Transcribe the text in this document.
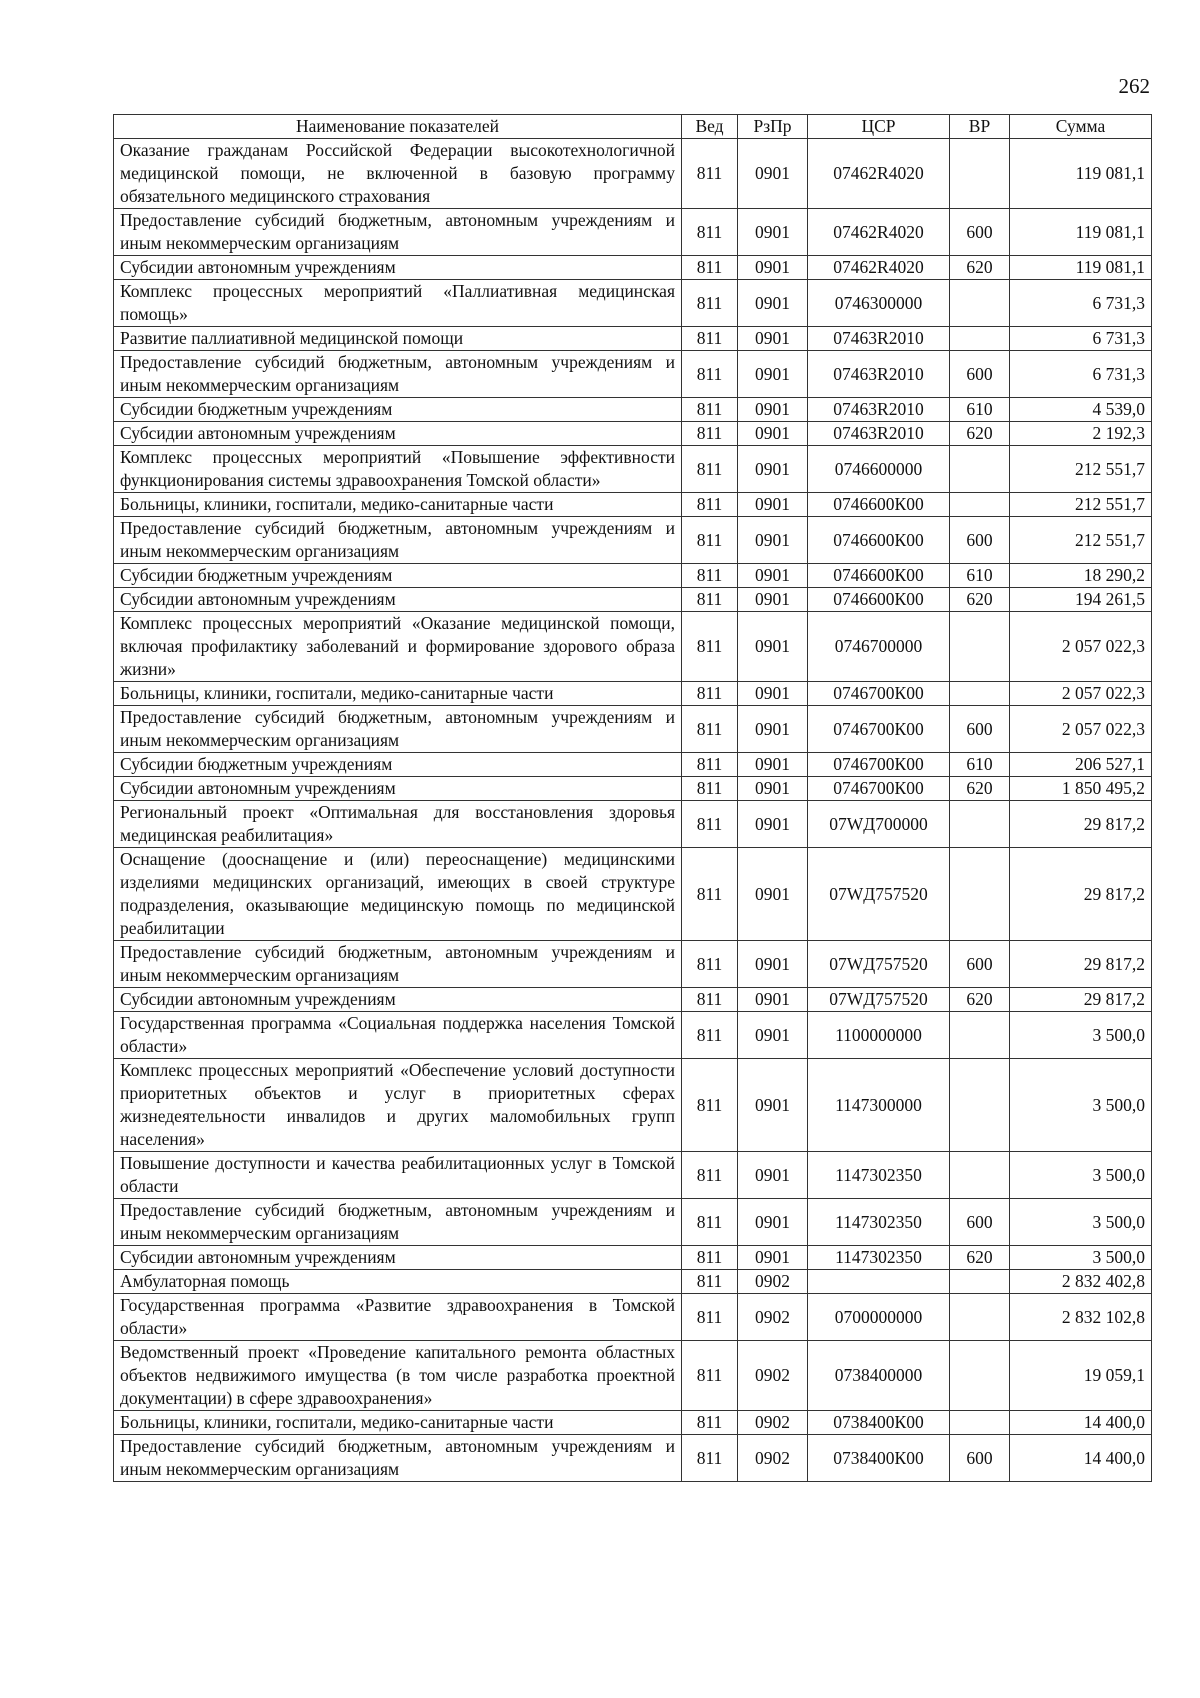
262
Наименование показателей	Вед	РзПр	ЦСР	ВР	Сумма
Оказание гражданам Российской Федерации высокотехнологичной медицинской помощи, не включенной в базовую программу обязательного медицинского страхования	811	0901	07462R4020		119 081,1
Предоставление субсидий бюджетным, автономным учреждениям и иным некоммерческим организациям	811	0901	07462R4020	600	119 081,1
Субсидии автономным учреждениям	811	0901	07462R4020	620	119 081,1
Комплекс процессных мероприятий «Паллиативная медицинская помощь»	811	0901	0746300000		6 731,3
Развитие паллиативной медицинской помощи	811	0901	07463R2010		6 731,3
Предоставление субсидий бюджетным, автономным учреждениям и иным некоммерческим организациям	811	0901	07463R2010	600	6 731,3
Субсидии бюджетным учреждениям	811	0901	07463R2010	610	4 539,0
Субсидии автономным учреждениям	811	0901	07463R2010	620	2 192,3
Комплекс процессных мероприятий «Повышение эффективности функционирования системы здравоохранения Томской области»	811	0901	0746600000		212 551,7
Больницы, клиники, госпитали, медико-санитарные части	811	0901	0746600К00		212 551,7
Предоставление субсидий бюджетным, автономным учреждениям и иным некоммерческим организациям	811	0901	0746600К00	600	212 551,7
Субсидии бюджетным учреждениям	811	0901	0746600К00	610	18 290,2
Субсидии автономным учреждениям	811	0901	0746600К00	620	194 261,5
Комплекс процессных мероприятий «Оказание медицинской помощи, включая профилактику заболеваний и формирование здорового образа жизни»	811	0901	0746700000		2 057 022,3
Больницы, клиники, госпитали, медико-санитарные части	811	0901	0746700К00		2 057 022,3
Предоставление субсидий бюджетным, автономным учреждениям и иным некоммерческим организациям	811	0901	0746700К00	600	2 057 022,3
Субсидии бюджетным учреждениям	811	0901	0746700К00	610	206 527,1
Субсидии автономным учреждениям	811	0901	0746700К00	620	1 850 495,2
Региональный проект «Оптимальная для восстановления здоровья медицинская реабилитация»	811	0901	07WД700000		29 817,2
Оснащение (дооснащение и (или) переоснащение) медицинскими изделиями медицинских организаций, имеющих в своей структуре подразделения, оказывающие медицинскую помощь по медицинской реабилитации	811	0901	07WД757520		29 817,2
Предоставление субсидий бюджетным, автономным учреждениям и иным некоммерческим организациям	811	0901	07WД757520	600	29 817,2
Субсидии автономным учреждениям	811	0901	07WД757520	620	29 817,2
Государственная программа «Социальная поддержка населения Томской области»	811	0901	1100000000		3 500,0
Комплекс процессных мероприятий «Обеспечение условий доступности приоритетных объектов и услуг в приоритетных сферах жизнедеятельности инвалидов и других маломобильных групп населения»	811	0901	1147300000		3 500,0
Повышение доступности и качества реабилитационных услуг в Томской области	811	0901	1147302350		3 500,0
Предоставление субсидий бюджетным, автономным учреждениям и иным некоммерческим организациям	811	0901	1147302350	600	3 500,0
Субсидии автономным учреждениям	811	0901	1147302350	620	3 500,0
Амбулаторная помощь	811	0902			2 832 402,8
Государственная программа «Развитие здравоохранения в Томской области»	811	0902	0700000000		2 832 102,8
Ведомственный проект «Проведение капитального ремонта областных объектов недвижимого имущества (в том числе разработка проектной документации) в сфере здравоохранения»	811	0902	0738400000		19 059,1
Больницы, клиники, госпитали, медико-санитарные части	811	0902	0738400К00		14 400,0
Предоставление субсидий бюджетным, автономным учреждениям и иным некоммерческим организациям	811	0902	0738400К00	600	14 400,0
